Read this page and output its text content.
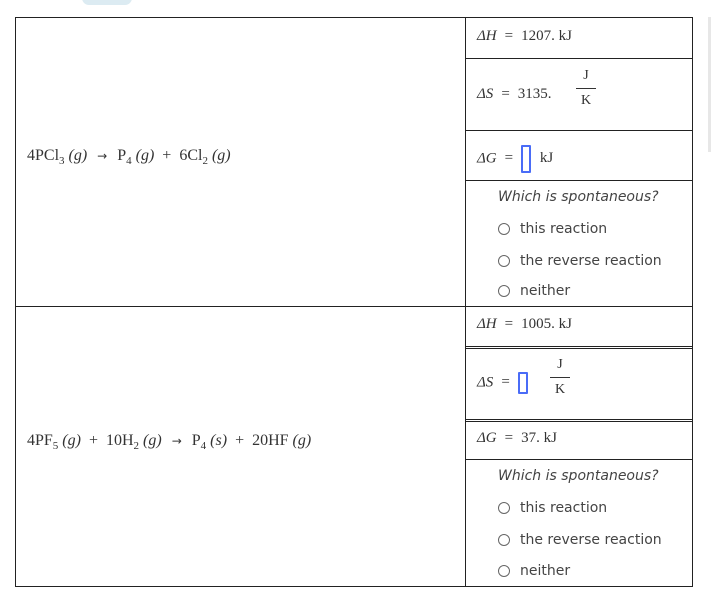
4PCl$_3$ $(g) \to P_4$ $(g) + 6Cl_2$ (g)
ΔH = 1207. kJ
ΔS = 3135.
J
K
ΔG = kJ
Which is spontaneous?
this reaction
the reverse reaction
neither
$4PF_5$ $(g) + 10H_2$ $(g) \to P_4$ (s) + 20HF (g)
ΔH = 1005. kJ
ΔS =
J
K
ΔG = 37. kJ
Which is spontaneous?
this reaction
the reverse reaction
neither
